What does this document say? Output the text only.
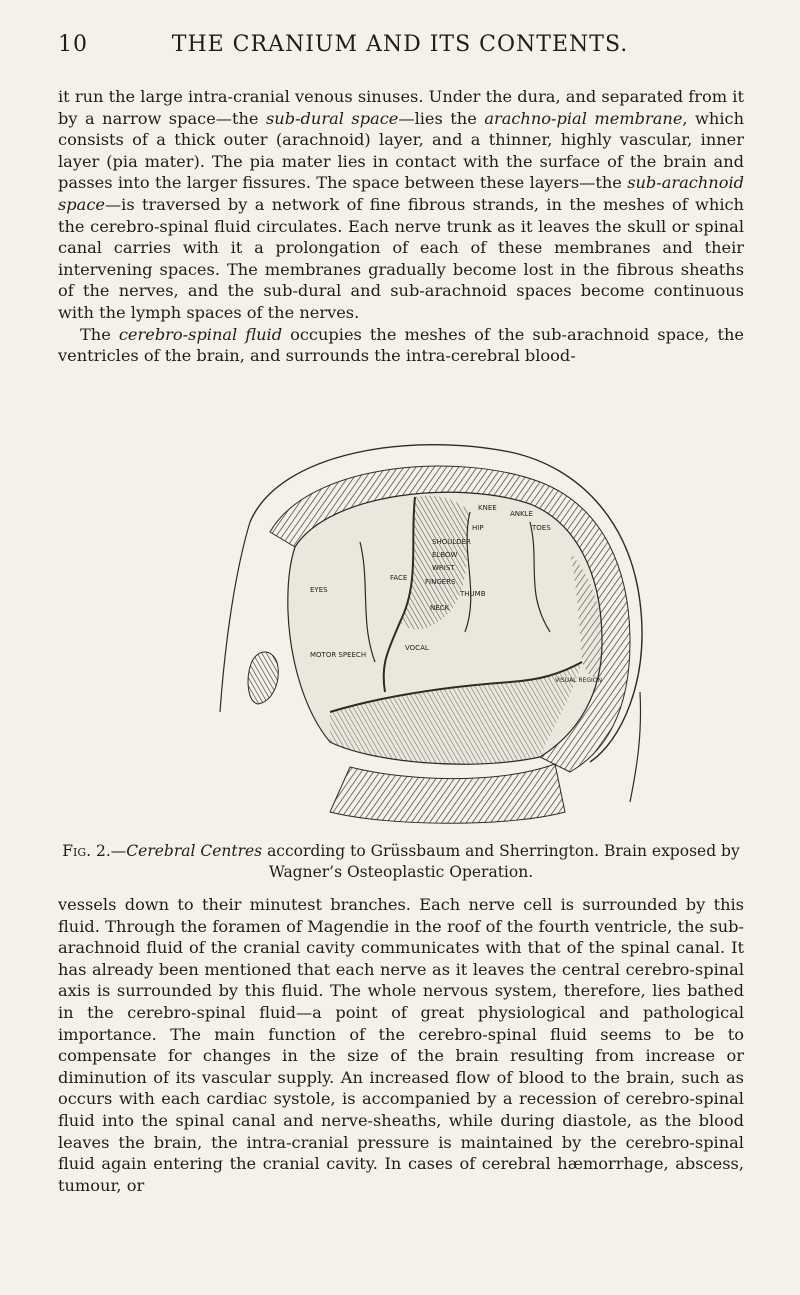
10	THE CRANIUM AND ITS CONTENTS.

it run the large intra-cranial venous sinuses. Under the dura, and separated from it by a narrow space—the sub-dural space—lies the arachno-pial membrane, which consists of a thick outer (arachnoid) layer, and a thinner, highly vascular, inner layer (pia mater). The pia mater lies in contact with the surface of the brain and passes into the larger fissures. The space between these layers—the sub-arachnoid space—is traversed by a network of fine fibrous strands, in the meshes of which the cerebro-spinal fluid circulates. Each nerve trunk as it leaves the skull or spinal canal carries with it a prolongation of each of these membranes and their intervening spaces. The membranes gradually become lost in the fibrous sheaths of the nerves, and the sub-dural and sub-arachnoid spaces become continuous with the lymph spaces of the nerves.

The cerebro-spinal fluid occupies the meshes of the sub-arachnoid space, the ventricles of the brain, and surrounds the intra-cerebral blood-

EYES
MOTOR SPEECH
FACE
VOCAL
HIP
SHOULDER
ELBOW
WRIST
FINGERS
THUMB
NECK
KNEE
ANKLE
TOES
VISUAL REGION
Fig. 2.—Cerebral Centres according to Grüssbaum and Sherrington. Brain exposed by Wagner’s Osteoplastic Operation.

vessels down to their minutest branches. Each nerve cell is surrounded by this fluid. Through the foramen of Magendie in the roof of the fourth ventricle, the sub-arachnoid fluid of the cranial cavity communicates with that of the spinal canal. It has already been mentioned that each nerve as it leaves the central cerebro-spinal axis is surrounded by this fluid. The whole nervous system, therefore, lies bathed in the cerebro-spinal fluid—a point of great physiological and pathological importance. The main function of the cerebro-spinal fluid seems to be to compensate for changes in the size of the brain resulting from increase or diminution of its vascular supply. An increased flow of blood to the brain, such as occurs with each cardiac systole, is accompanied by a recession of cerebro-spinal fluid into the spinal canal and nerve-sheaths, while during diastole, as the blood leaves the brain, the intra-cranial pressure is maintained by the cerebro-spinal fluid again entering the cranial cavity. In cases of cerebral hæmorrhage, abscess, tumour, or
